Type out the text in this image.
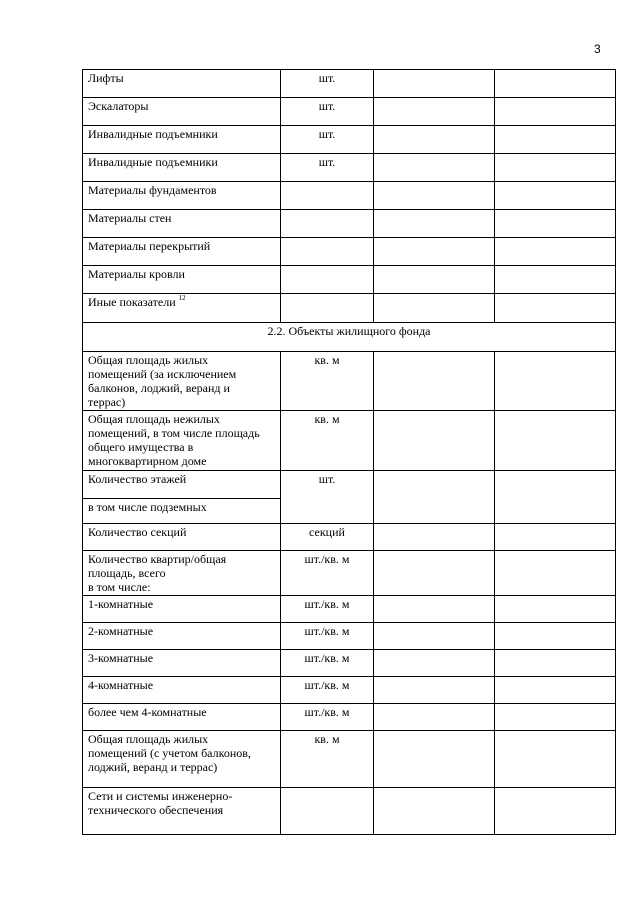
3
Лифты	шт.		
Эскалаторы	шт.		
Инвалидные подъемники	шт.		
Инвалидные подъемники	шт.		
Материалы фундаментов			
Материалы стен			
Материалы перекрытий			
Материалы кровли			
Иные показатели $^{12}$			
2.2. Объекты жилищного фонда			
Общая площадь жилых
помещений (за исключением
балконов, лоджий, веранд и
террас)	кв. м		
Общая площадь нежилых
помещений, в том числе площадь
общего имущества в
многоквартирном доме	кв. м		
Количество этажей	шт.		
в том числе подземных			
Количество секций	секций		
Количество квартир/общая
площадь, всего
в том числе:	шт./кв. м		
1-комнатные	шт./кв. м		
2-комнатные	шт./кв. м		
3-комнатные	шт./кв. м		
4-комнатные	шт./кв. м		
более чем 4-комнатные	шт./кв. м		
Общая площадь жилых
помещений (с учетом балконов,
лоджий, веранд и террас)	кв. м		
Сети и системы инженерно-
технического обеспечения			
